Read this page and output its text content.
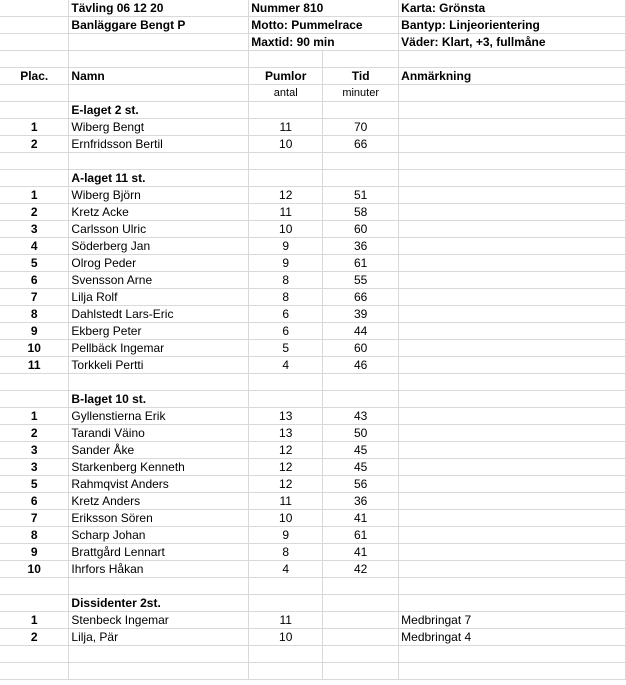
	Tävling 06 12 20	Nummer 810		Karta: Grönsta
	Banläggare Bengt P	Motto: Pummelrace		Bantyp: Linjeorientering
		Maxtid: 90 min		Väder: Klart, +3, fullmåne

Plac.	Namn	Pumlor	Tid	Anmärkning
		antal	minuter	
	E-laget 2 st.			
1	Wiberg Bengt	11	70	
2	Ernfridsson Bertil	10	66	

	A-laget 11 st.			
1	Wiberg Björn	12	51	
2	Kretz Acke	11	58	
3	Carlsson Ulric	10	60	
4	Söderberg Jan	9	36	
5	Olrog Peder	9	61	
6	Svensson Arne	8	55	
7	Lilja Rolf	8	66	
8	Dahlstedt Lars-Eric	6	39	
9	Ekberg Peter	6	44	
10	Pellbäck Ingemar	5	60	
11	Torkkeli Pertti	4	46	

	B-laget 10 st.			
1	Gyllenstierna Erik	13	43	
2	Tarandi Väino	13	50	
3	Sander Åke	12	45	
3	Starkenberg Kenneth	12	45	
5	Rahmqvist Anders	12	56	
6	Kretz Anders	11	36	
7	Eriksson Sören	10	41	
8	Scharp Johan	9	61	
9	Brattgård Lennart	8	41	
10	Ihrfors Håkan	4	42	

	Dissidenter 2st.			
1	Stenbeck Ingemar	11		Medbringat 7
2	Lilja, Pär	10		Medbringat 4
